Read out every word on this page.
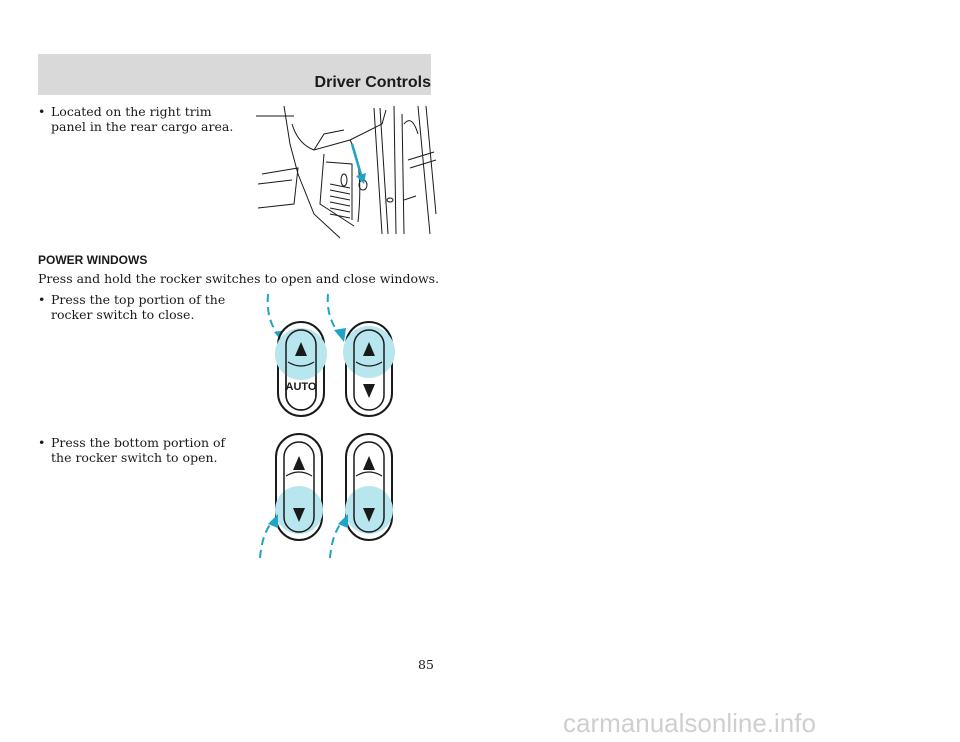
Driver Controls
• Located on the right trim panel in the rear cargo area.
POWER WINDOWS
Press and hold the rocker switches to open and close windows.
• Press the top portion of the rocker switch to close.
AUTO
• Press the bottom portion of the rocker switch to open.
85

carmanualsonline.info
